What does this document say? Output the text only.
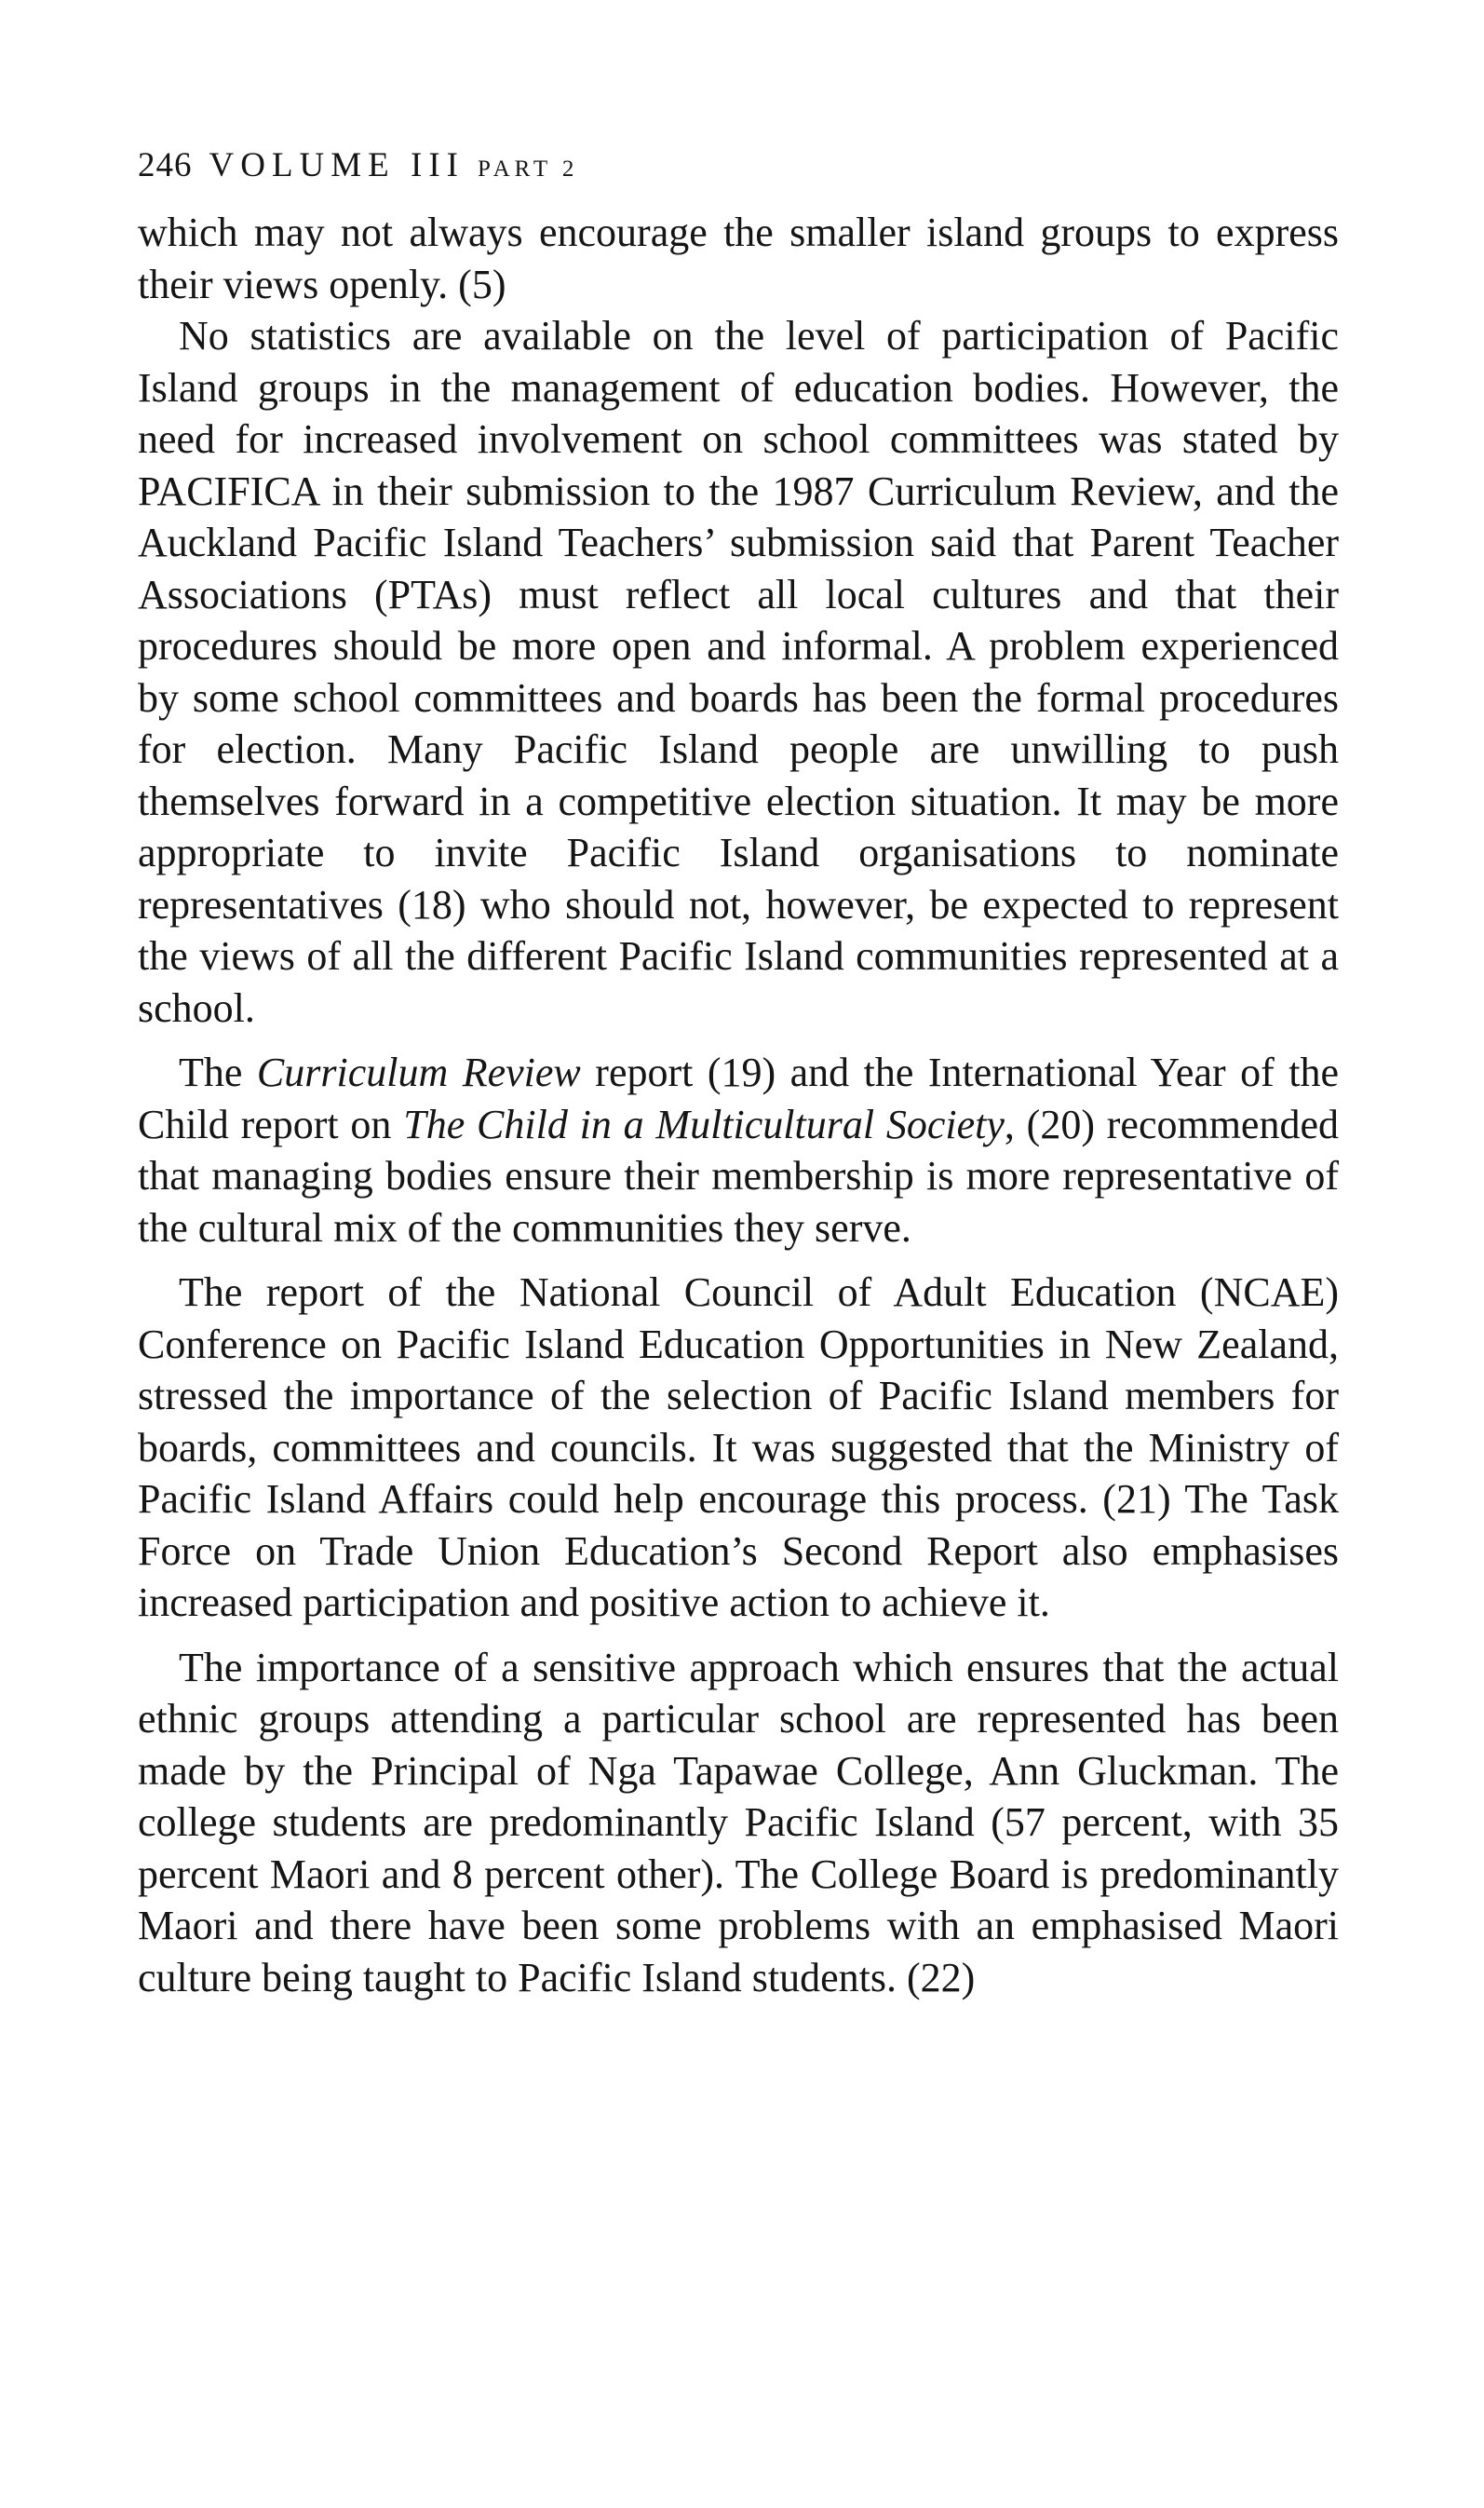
246 VOLUME III PART 2

which may not always encourage the smaller island groups to express their views openly. (5)

No statistics are available on the level of participation of Pacific Island groups in the management of education bodies. However, the need for increased involvement on school committees was stated by PACIFICA in their submission to the 1987 Curriculum Review, and the Auckland Pacific Island Teachers’ submission said that Parent Teacher Associations (PTAs) must reflect all local cultures and that their procedures should be more open and informal. A problem experienced by some school committees and boards has been the formal procedures for election. Many Pacific Island people are unwilling to push themselves forward in a competitive election situation. It may be more appropriate to invite Pacific Island organisations to nominate representatives (18) who should not, however, be expected to represent the views of all the different Pacific Island communities represented at a school.

The Curriculum Review report (19) and the International Year of the Child report on The Child in a Multicultural Society, (20) recommended that managing bodies ensure their membership is more representative of the cultural mix of the communities they serve.

The report of the National Council of Adult Education (NCAE) Conference on Pacific Island Education Opportunities in New Zealand, stressed the importance of the selection of Pacific Island members for boards, committees and councils. It was suggested that the Ministry of Pacific Island Affairs could help encourage this process. (21) The Task Force on Trade Union Education’s Second Report also emphasises increased participation and positive action to achieve it.

The importance of a sensitive approach which ensures that the actual ethnic groups attending a particular school are represented has been made by the Principal of Nga Tapawae College, Ann Gluckman. The college students are predominantly Pacific Island (57 percent, with 35 percent Maori and 8 percent other). The College Board is predominantly Maori and there have been some problems with an emphasised Maori culture being taught to Pacific Island students. (22)
